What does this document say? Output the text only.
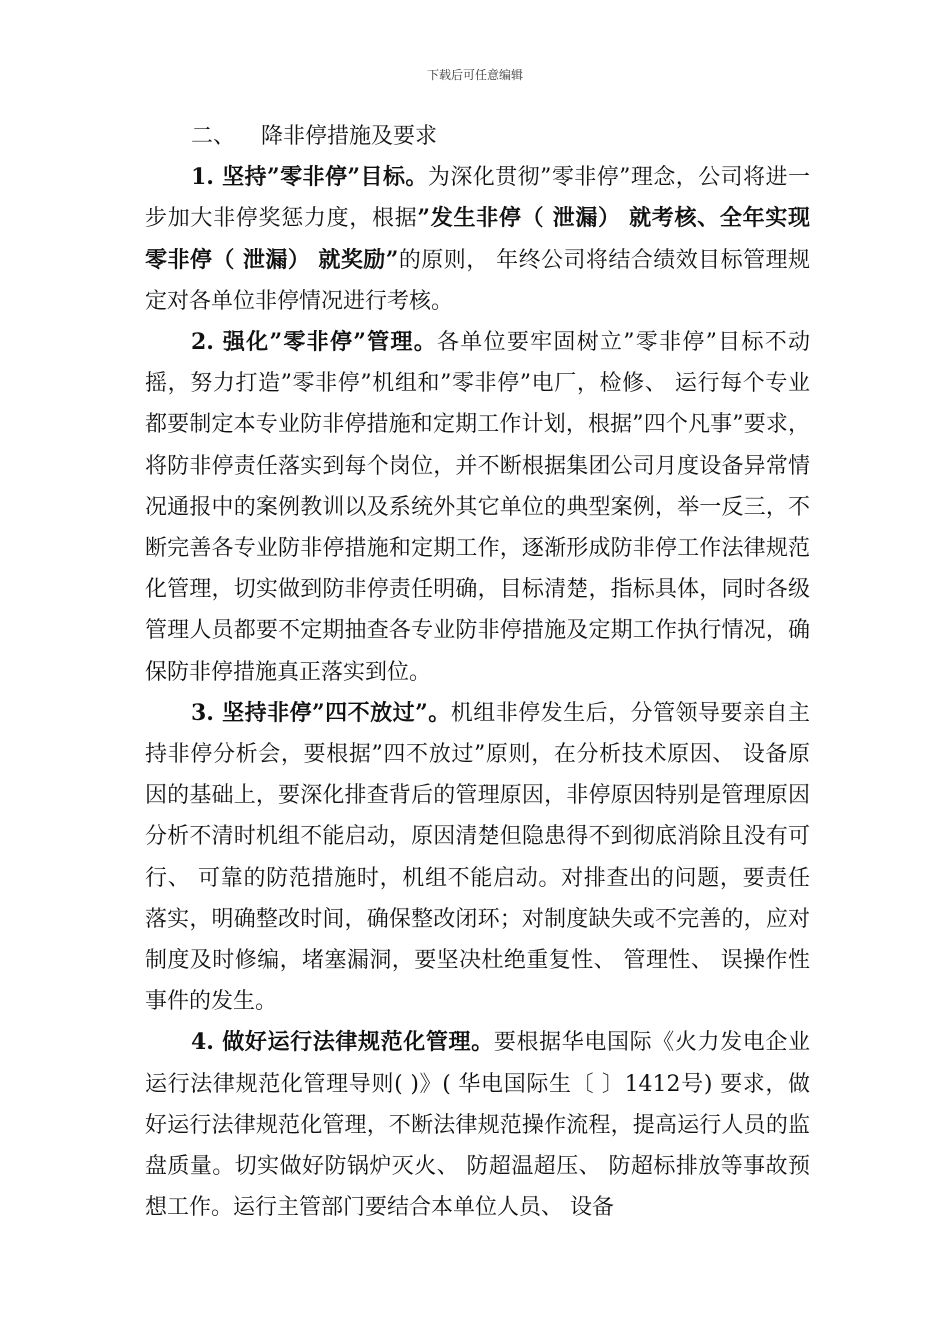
下载后可任意编辑

二、 降非停措施及要求

1. 坚持”零非停”目标。为深化贯彻”零非停”理念，公司将进一步加大非停奖惩力度，根据”发生非停（ 泄漏） 就考核、全年实现零非停（ 泄漏） 就奖励”的原则， 年终公司将结合绩效目标管理规定对各单位非停情况进行考核。

2. 强化”零非停”管理。各单位要牢固树立”零非停”目标不动摇，努力打造”零非停”机组和”零非停”电厂，检修、 运行每个专业都要制定本专业防非停措施和定期工作计划，根据”四个凡事”要求，将防非停责任落实到每个岗位，并不断根据集团公司月度设备异常情况通报中的案例教训以及系统外其它单位的典型案例，举一反三，不断完善各专业防非停措施和定期工作，逐渐形成防非停工作法律规范化管理，切实做到防非停责任明确，目标清楚，指标具体，同时各级管理人员都要不定期抽查各专业防非停措施及定期工作执行情况，确保防非停措施真正落实到位。

3. 坚持非停”四不放过”。机组非停发生后，分管领导要亲自主持非停分析会，要根据”四不放过”原则，在分析技术原因、 设备原因的基础上，要深化排查背后的管理原因，非停原因特别是管理原因分析不清时机组不能启动，原因清楚但隐患得不到彻底消除且没有可行、 可靠的防范措施时，机组不能启动。对排查出的问题，要责任落实，明确整改时间，确保整改闭环；对制度缺失或不完善的，应对制度及时修编，堵塞漏洞，要坚决杜绝重复性、 管理性、 误操作性事件的发生。

4. 做好运行法律规范化管理。要根据华电国际《火力发电企业运行法律规范化管理导则( )》( 华电国际生〔 〕1412号) 要求，做好运行法律规范化管理，不断法律规范操作流程，提高运行人员的监盘质量。切实做好防锅炉灭火、 防超温超压、 防超标排放等事故预想工作。运行主管部门要结合本单位人员、 设备
